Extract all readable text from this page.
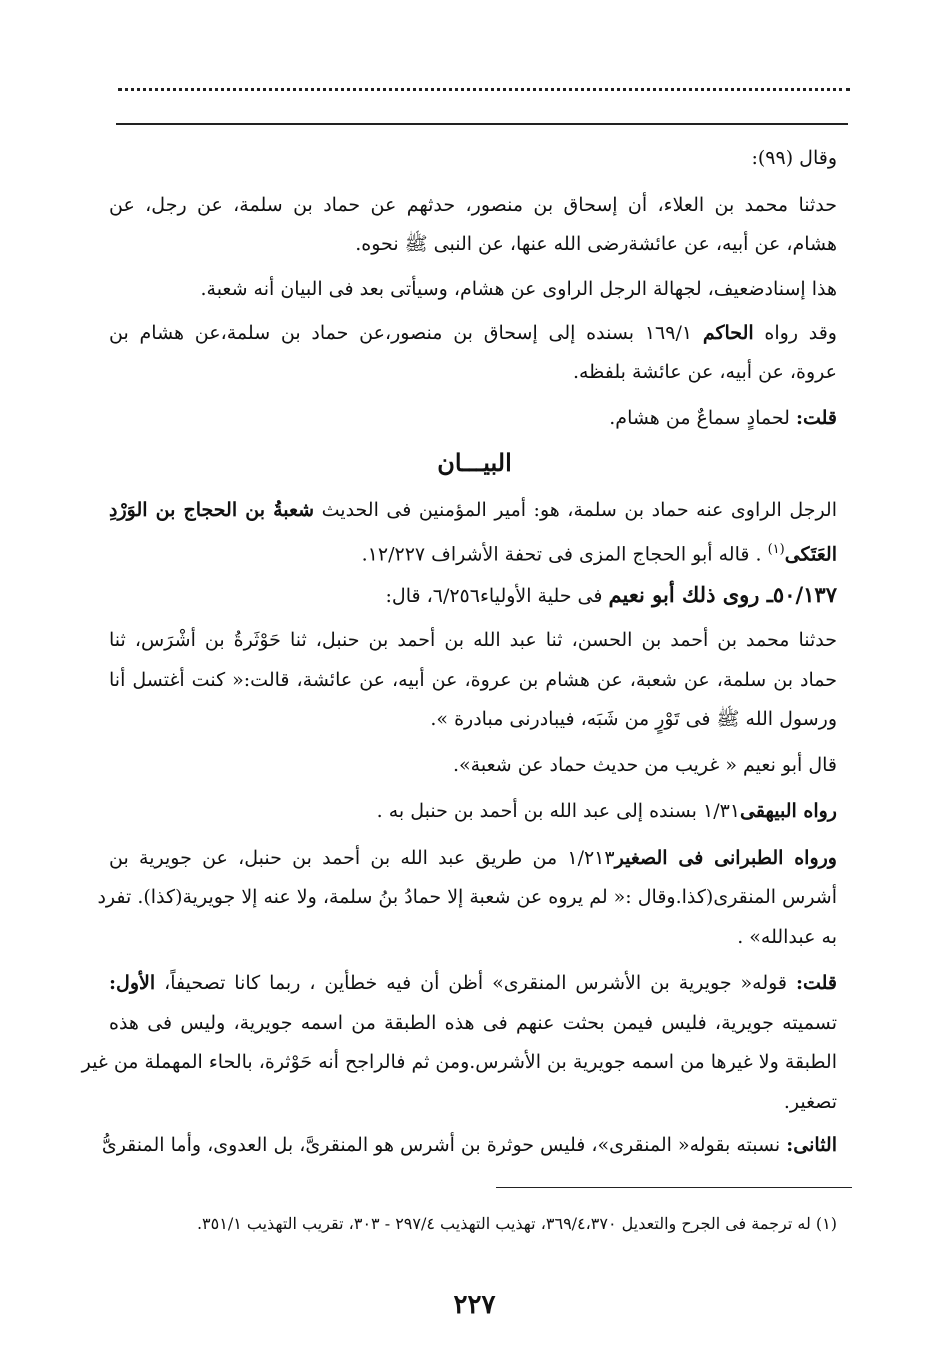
وقال (٩٩):
حدثنا محمد بن العلاء، أن إسحاق بن منصور، حدثهم عن حماد بن سلمة، عن رجل، عن
هشام، عن أبيه، عن عائشةرضى الله عنها، عن النبى ﷺ نحوه.
هذا إسنادضعيف، لجهالة الرجل الراوى عن هشام، وسيأتى بعد فى البيان أنه شعبة.
وقد رواه الحاكم ١٦٩/١ بسنده إلى إسحاق بن منصور،عن حماد بن سلمة،عن هشام بن
عروة، عن أبيه، عن عائشة بلفظه.
قلت: لحمادٍ سماعٌ من هشام.
البيـــان
الرجل الراوى عنه حماد بن سلمة، هو: أمير المؤمنين فى الحديث شعبةُ بن الحجاج بن الوَرْدِ
العَتَكى$^{(١)}$ . قاله أبو الحجاج المزى فى تحفة الأشراف ١٢/٢٢٧.
٥٠/١٣٧ـ روى ذلك أبو نعيم فى حلية الأولياء٦/٢٥٦، قال:
حدثنا محمد بن أحمد بن الحسن، ثنا عبد الله بن أحمد بن حنبل، ثنا حَوْثَرةُ بن أشْرَس، ثنا
حماد بن سلمة، عن شعبة، عن هشام بن عروة، عن أبيه، عن عائشة، قالت:« كنت أغتسل أنا
ورسول الله ﷺ فى تَوْرٍ من شَبَه، فيبادرنى مبادرة ».
قال أبو نعيم « غريب من حديث حماد عن شعبة».
رواه البيهقى١/٣١ بسنده إلى عبد الله بن أحمد بن حنبل به .
ورواه الطبرانى فى الصغير١/٢١٣ من طريق عبد الله بن أحمد بن حنبل، عن جويرية بن
أشرس المنقرى(كذا.وقال :« لم يروه عن شعبة إلا حمادُ بنُ سلمة، ولا عنه إلا جويرية(كذا). تفرد
به عبدالله» .
قلت: قوله« جويرية بن الأشرس المنقرى» أظن أن فيه خطأين ، ربما كانا تصحيفاً، الأول:
تسميته جويرية، فليس فيمن بحثت عنهم فى هذه الطبقة من اسمه جويرية، وليس فى هذه
الطبقة ولا غيرها من اسمه جويرية بن الأشرس.ومن ثم فالراجح أنه حَوْثرة، بالحاء المهملة من غير
تصغير.
الثانى: نسبته بقوله« المنقرى»، فليس حوثرة بن أشرس هو المنقرىَّ، بل العدوى، وأما المنقرىُّ
(١) له ترجمة فى الجرح والتعديل ٣٦٩/٤،٣٧٠، تهذيب التهذيب ٢٩٧/٤ - ٣٠٣، تقريب التهذيب ٣٥١/١.
٢٢٧
